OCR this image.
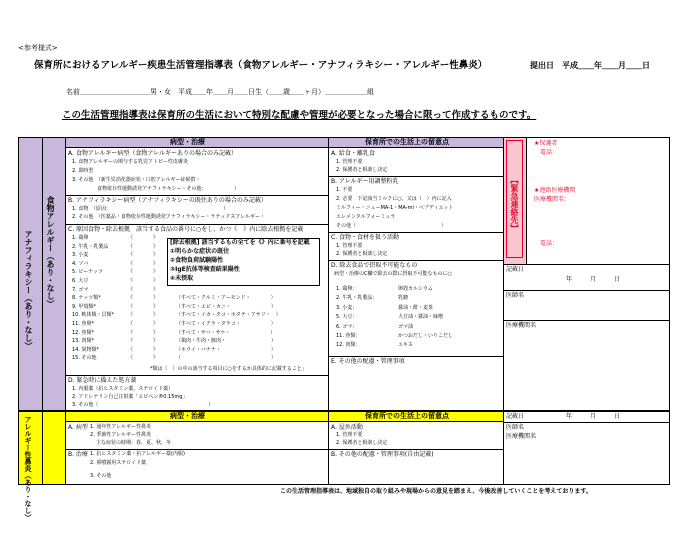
<参考様式>
保育所におけるアレルギー疾患生活管理指導表（食物アレルギー・アナフィラキシー・アレルギー性鼻炎）	提出日　平成＿＿年＿＿月＿＿日
名前＿＿＿＿＿＿＿＿＿＿男・女　平成＿＿年＿＿月＿＿日生（＿＿歳＿＿ヶ月）＿＿＿＿＿＿組
この生活管理指導表は保育所の生活において特別な配慮や管理が必要となった場合に限って作成するものです。
食物アレルギー（あり・なし）
アナフィラキシー（あり・なし）
病型・治療	保育所での生活上の留意点
A. 食物アレルギー病型（食物アレルギーありの場合のみ記載）
1. 食物アレルギーの関与する乳児アトピー性皮膚炎
2. 即時型
3. その他　（新生児消化器症状・口腔アレルギー症候群・
　　　　　食物依存性運動誘発アナフィラキシー・その他：　　　　　　）
B. アナフィラキシー病型（アナフィラキシーの既往ありの場合のみ記載）
1. 食物　（原因：　　　　　　　　　　　　　　　　　　　　　　　）
2. その他　（医薬品・食物依存性運動誘発アナフィラキシー・ラテックスアレルギー・
C. 原因食物・除去根拠　該当する食品の番号に○をし、かつ《　》内に除去根拠を記載
1. 鶏卵	《　　　　》
2. 牛乳・乳製品	《　　　　》
3. 小麦	《　　　　》
4. ソバ	《　　　　》
5. ピーナッツ	《　　　　》
6. 大豆	《　　　　》
7. ゴマ	《　　　　》
8. ナッツ類*	《　　　　》	（すべて・クルミ・アーモンド・　　　　）
9. 甲殻類*	《　　　　》	（すべて・エビ・カニ・　　　　　　　　）
10. 軟体類・貝類*	《　　　　》	（すべて・イカ・タコ・ホタテ・アサリ・　）
11. 魚卵*	《　　　　》	（すべて・イクラ・タラコ・　　　　　　）
12. 魚類*	《　　　　》	（すべて・サバ・サケ・　　　　　　　　）
13. 肉類*	《　　　　》	（鶏肉・牛肉・豚肉・　　　　　　　　　）
14. 果物類*	《　　　　》	（キウイ・バナナ・　　　　　　　　　　）
15. その他	《　　　　》	（　　　　　　　　　　　　　　　　　　）
[除去根拠] 該当するもの全てを《》内に番号を記載
①明らかな症状の既往
②食物負荷試験陽性
③IgE抗体等検査結果陽性
④未摂取
*類は（　）の中の該当する項目に○をするか具体的に記載すること」
D. 緊急時に備えた処方薬
1. 内服薬（抗ヒスタミン薬、ステロイド薬）
2. アドレナリン自己注射薬「エピペン®0.15mg」
3. その他（　　　　　　　　　　　　　　　　　　　　　　）
A. 給食・離乳食
1. 管理不要
2. 保護者と相談し決定
B. アレルギー用調整粉乳
1. 不要
2. 必要　下記該当ミルクに○、又は（　）内に記入
ミルフィー・ニューMA-1・MA-mi・ペプディエット
エレメンタルフォーミュラ
その他（　　　　　　　　　　　　　　　　　）
C. 食物・食材を扱う活動
1. 管理不要
2. 保護者と相談し決定
D. 除去食品で摂取不可能なもの
病型・治療のC欄で除去の際に摂取不可能なものに○
1. 鶏卵：	卵殻カルシウム
2. 牛乳・乳製品：	乳糖
3. 小麦：	醤油・酢・麦茶
5. 大豆：	大豆油・醤油・味噌
6. ゴマ：	ゴマ油
11. 魚類：	かつおだし・いりこだし
12. 肉類：	エキス
E. その他の配慮・管理事項
【緊急連絡先】
★保護者
電話：
★連絡医療機関
医療機関名：
電話：
記載日
年　　　月　　　日
医師名
医療機関名
アレルギー性鼻炎（あり・なし）	病型・治療	保育所での生活上の留意点
A. 病型 1. 通年性アレルギー性鼻炎
2. 季節性アレルギー性鼻炎
主な症状の時期：春、夏、秋、冬
B. 治療 1. 抗ヒスタミン薬・抗アレルギー薬(内服)
2. 鼻噴霧用ステロイド薬
3. その他
A. 屋外活動
1. 管理不要
2. 保護者と相談し決定
B. その他の配慮・管理事項(自由記載)
記載日	年　　　月　　　日
医師名
医療機関名
この生活管理指導表は、地域独自の取り組みや現場からの意見を踏まえ、今後改善していくことを考えております。
